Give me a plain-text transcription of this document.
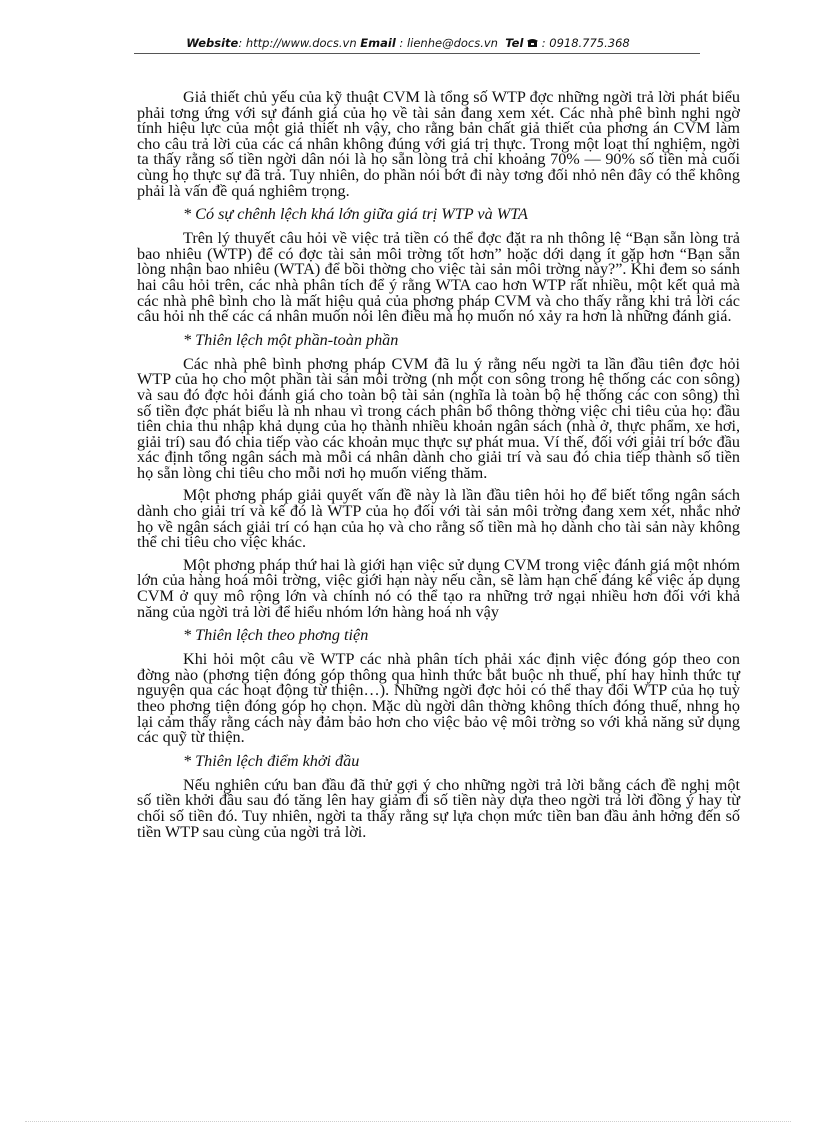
Website: http://www.docs.vn Email : lienhe@docs.vn Tel : 0918.775.368

Giả thiết chủ yếu của kỹ thuật CVM là tổng số WTP đợc những ngời trả lời phát biểu phải tơng ứng với sự đánh giá của họ về tài sản đang xem xét. Các nhà phê bình nghi ngờ tính hiệu lực của một giả thiết nh vậy, cho rằng bản chất giả thiết của phơng án CVM làm cho câu trả lời của các cá nhân không đúng với giá trị thực. Trong một loạt thí nghiệm, ngời ta thấy rằng số tiền ngời dân nói là họ sẵn lòng trả chỉ khoảng 70% — 90% số tiền mà cuối cùng họ thực sự đã trả. Tuy nhiên, do phần nói bớt đi này tơng đối nhỏ nên đây có thể không phải là vấn đề quá nghiêm trọng.

* Có sự chênh lệch khá lớn giữa giá trị WTP và WTA

Trên lý thuyết câu hỏi về việc trả tiền có thể đợc đặt ra nh thông lệ “Bạn sẵn lòng trả bao nhiêu (WTP) để có đợc tài sản môi trờng tốt hơn” hoặc dới dạng ít gặp hơn “Bạn sẵn lòng nhận bao nhiêu (WTA) để bồi thờng cho việc tài sản môi trờng này?”. Khi đem so sánh hai câu hỏi trên, các nhà phân tích để ý rằng WTA cao hơn WTP rất nhiều, một kết quả mà các nhà phê bình cho là mất hiệu quả của phơng pháp CVM và cho thấy rằng khi trả lời các câu hỏi nh thế các cá nhân muốn nói lên điều mà họ muốn nó xảy ra hơn là những đánh giá.

* Thiên lệch một phần-toàn phần

Các nhà phê bình phơng pháp CVM đã lu ý rằng nếu ngời ta lần đầu tiên đợc hỏi WTP của họ cho một phần tài sản môi trờng (nh một con sông trong hệ thống các con sông) và sau đó đợc hỏi đánh giá cho toàn bộ tài sản (nghĩa là toàn bộ hệ thống các con sông) thì số tiền đợc phát biểu là nh nhau vì trong cách phân bổ thông thờng việc chi tiêu của họ: đầu tiên chia thu nhập khả dụng của họ thành nhiều khoản ngân sách (nhà ở, thực phẩm, xe hơi, giải trí) sau đó chia tiếp vào các khoản mục thực sự phát mua. Ví thế, đối với giải trí bớc đầu xác định tổng ngân sách mà mỗi cá nhân dành cho giải trí và sau đó chia tiếp thành số tiền họ sẵn lòng chi tiêu cho mỗi nơi họ muốn viếng thăm.

Một phơng pháp giải quyết vấn đề này là lần đầu tiên hỏi họ để biết tổng ngân sách dành cho giải trí và kế đó là WTP của họ đối với tài sản môi trờng đang xem xét, nhắc nhở họ về ngân sách giải trí có hạn của họ và cho rằng số tiền mà họ dành cho tài sản này không thể chi tiêu cho việc khác.

Một phơng pháp thứ hai là giới hạn việc sử dụng CVM trong việc đánh giá một nhóm lớn của hàng hoá môi trờng, việc giới hạn này nếu cần, sẽ làm hạn chế đáng kể việc áp dụng CVM ở quy mô rộng lớn và chính nó có thể tạo ra những trở ngại nhiều hơn đối với khả năng của ngời trả lời để hiểu nhóm lớn hàng hoá nh vậy

* Thiên lệch theo phơng tiện

Khi hỏi một câu về WTP các nhà phân tích phải xác định việc đóng góp theo con đờng nào (phơng tiện đóng góp thông qua hình thức bắt buộc nh thuế, phí hay hình thức tự nguyện qua các hoạt động từ thiện…). Những ngời đợc hỏi có thể thay đổi WTP của họ tuỳ theo phơng tiện đóng góp họ chọn. Mặc dù ngời dân thờng không thích đóng thuế, nhng họ lại cảm thấy rằng cách này đảm bảo hơn cho việc bảo vệ môi trờng so với khả năng sử dụng các quỹ từ thiện.

* Thiên lệch điểm khởi đầu

Nếu nghiên cứu ban đầu đã thử gợi ý cho những ngời trả lời bằng cách đề nghị một số tiền khởi đầu sau đó tăng lên hay giảm đi số tiền này dựa theo ngời trả lời đồng ý hay từ chối số tiền đó. Tuy nhiên, ngời ta thấy rằng sự lựa chọn mức tiền ban đầu ảnh hởng đến số tiền WTP sau cùng của ngời trả lời.
